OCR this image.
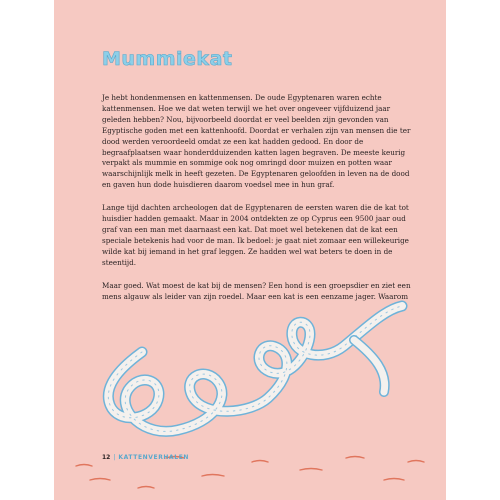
Mummiekat

Je hebt hondenmensen en kattenmensen. De oude Egyptenaren waren echte kattenmensen. Hoe we dat weten terwijl we het over ongeveer vijfduizend jaar geleden hebben? Nou, bijvoorbeeld doordat er veel beelden zijn gevonden van Egyptische goden met een kattenhoofd. Doordat er verhalen zijn van mensen die ter dood werden veroordeeld omdat ze een kat hadden gedood. En door de begraafplaatsen waar honderdduizenden katten lagen begraven. De meeste keurig verpakt als mummie en sommige ook nog omringd door muizen en potten waar waarschijnlijk melk in heeft gezeten. De Egyptenaren geloofden in leven na de dood en gaven hun dode huisdieren daarom voedsel mee in hun graf.

Lange tijd dachten archeologen dat de Egyptenaren de eersten waren die de kat tot huisdier hadden gemaakt. Maar in 2004 ontdekten ze op Cyprus een 9500 jaar oud graf van een man met daarnaast een kat. Dat moet wel betekenen dat de kat een speciale betekenis had voor de man. Ik bedoel: je gaat niet zomaar een willekeurige wilde kat bij iemand in het graf leggen. Ze hadden wel wat beters te doen in de steentijd.

Maar goed. Wat moest de kat bij de mensen? Een hond is een groepsdier en ziet een mens algauw als leider van zijn roedel. Maar een kat is een eenzame jager. Waarom

12 | KATTENVERHALEN
